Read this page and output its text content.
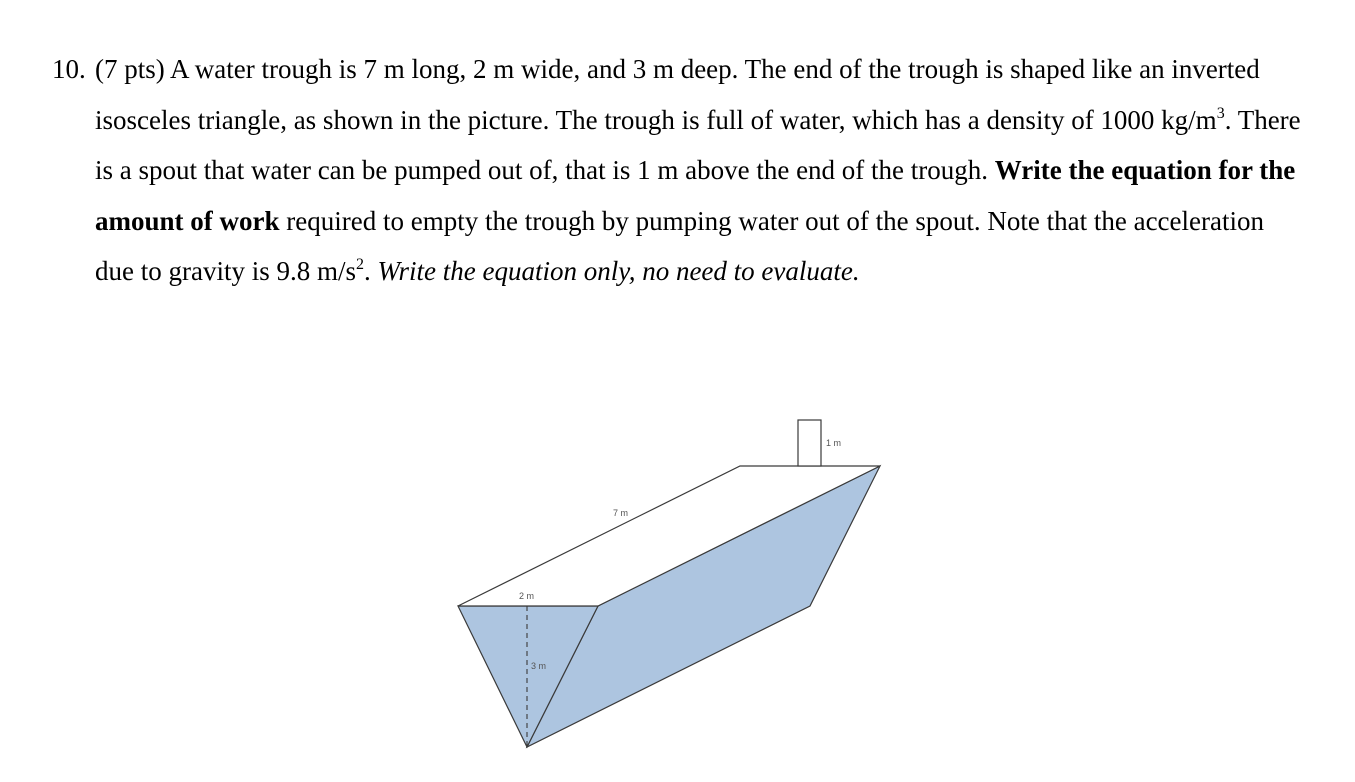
10. (7 pts) A water trough is 7 m long, 2 m wide, and 3 m deep. The end of the trough is shaped like an inverted isosceles triangle, as shown in the picture. The trough is full of water, which has a density of 1000 $kg/m^3$. There is a spout that water can be pumped out of, that is 1 m above the end of the trough. Write the equation for the amount of work required to empty the trough by pumping water out of the spout. Note that the acceleration due to gravity is 9.8 $m/s^2$. Write the equation only, no need to evaluate.

7 m
2 m
3 m
1 m
